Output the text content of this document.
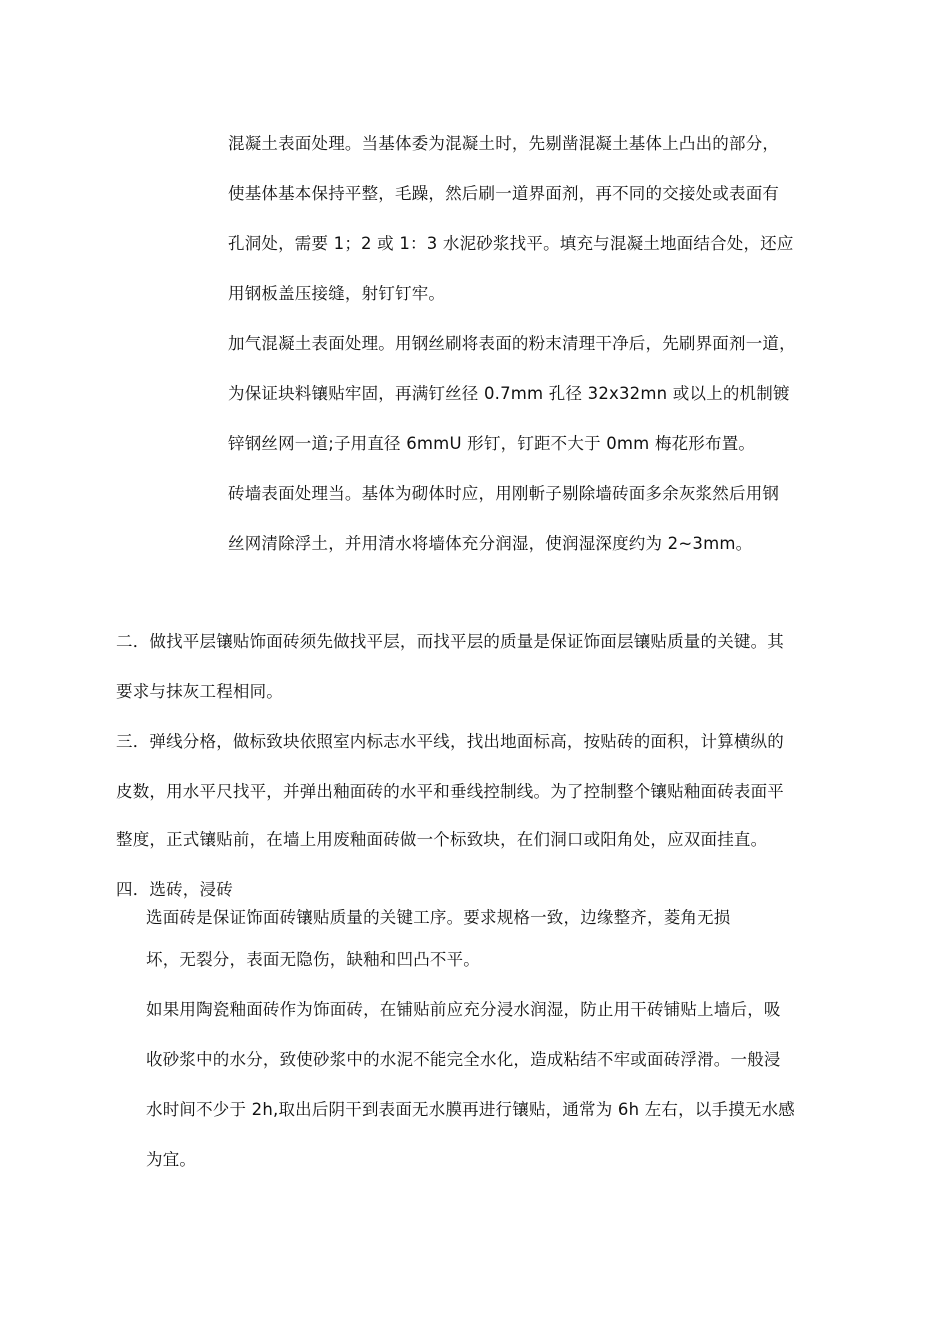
混凝土表面处理。当基体委为混凝土时，先剔凿混凝土基体上凸出的部分，
使基体基本保持平整，毛躁，然后刷一道界面剂，再不同的交接处或表面有
孔洞处，需要 1；2 或 1：3 水泥砂浆找平。填充与混凝土地面结合处，还应
用钢板盖压接缝，射钉钉牢。
加气混凝土表面处理。用钢丝刷将表面的粉末清理干净后，先刷界面剂一道，
为保证块料镶贴牢固，再满钉丝径 0.7mm 孔径 32x32mn 或以上的机制镀
锌钢丝网一道;子用直径 6mmU 形钉，钉距不大于 0mm 梅花形布置。
砖墙表面处理当。基体为砌体时应，用刚斬子剔除墙砖面多余灰浆然后用钢
丝网清除浮土，并用清水将墙体充分润湿，使润湿深度约为 2~3mm。
二．做找平层镶贴饰面砖须先做找平层，而找平层的质量是保证饰面层镶贴质量的关键。其
要求与抹灰工程相同。
三．弹线分格，做标致块依照室内标志水平线，找出地面标高，按贴砖的面积，计算横纵的
皮数，用水平尺找平，并弹出釉面砖的水平和垂线控制线。为了控制整个镶贴釉面砖表面平
整度，正式镶贴前，在墙上用废釉面砖做一个标致块，在们洞口或阳角处，应双面挂直。
四．选砖，浸砖
选面砖是保证饰面砖镶贴质量的关键工序。要求规格一致，边缘整齐，菱角无损
坏，无裂分，表面无隐伤，缺釉和凹凸不平。
如果用陶瓷釉面砖作为饰面砖，在铺贴前应充分浸水润湿，防止用干砖铺贴上墙后，吸
收砂浆中的水分，致使砂浆中的水泥不能完全水化，造成粘结不牢或面砖浮滑。一般浸
水时间不少于 2h,取出后阴干到表面无水膜再进行镶贴，通常为 6h 左右，以手摸无水感
为宜。
